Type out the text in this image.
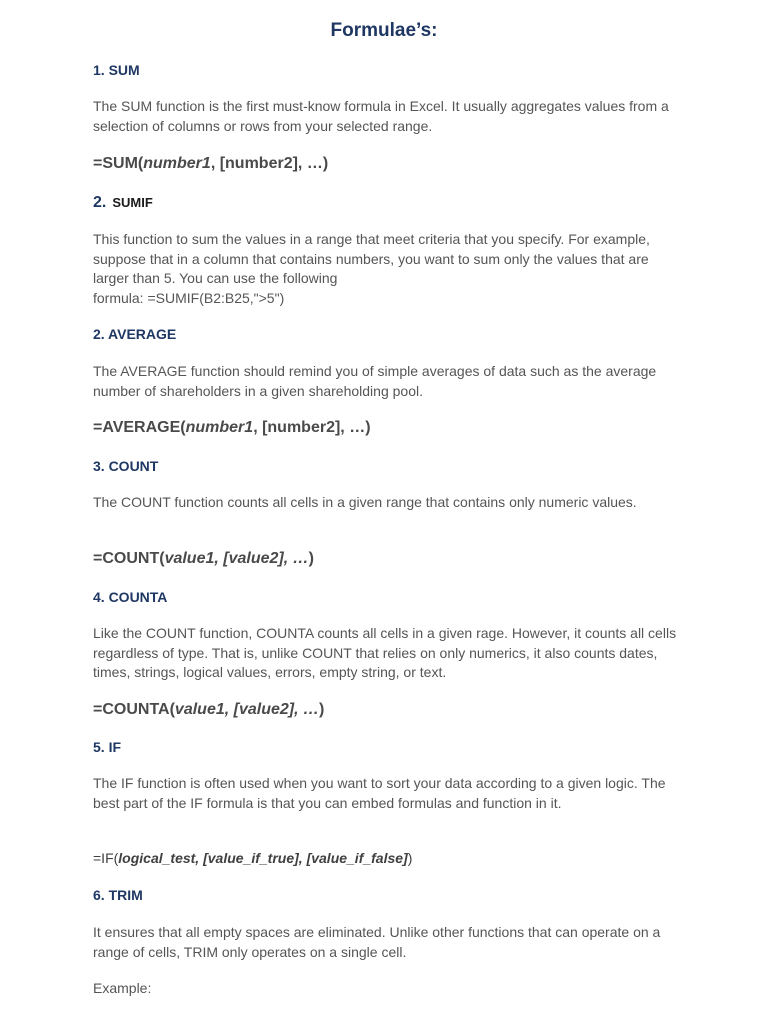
Formulae’s:
1. SUM

The SUM function is the first must-know formula in Excel. It usually aggregates values from a selection of columns or rows from your selected range.

=SUM(number1, [number2], …)
2. SUMIF

This function to sum the values in a range that meet criteria that you specify. For example, suppose that in a column that contains numbers, you want to sum only the values that are larger than 5. You can use the following

formula: =SUMIF(B2:B25,">5")

2. AVERAGE

The AVERAGE function should remind you of simple averages of data such as the average number of shareholders in a given shareholding pool.

=AVERAGE(number1, [number2], …)
3. COUNT

The COUNT function counts all cells in a given range that contains only numeric values.

=COUNT(value1, [value2], …)
4. COUNTA

Like the COUNT function, COUNTA counts all cells in a given rage. However, it counts all cells regardless of type. That is, unlike COUNT that relies on only numerics, it also counts dates, times, strings, logical values, errors, empty string, or text.

=COUNTA(value1, [value2], …)
5. IF

The IF function is often used when you want to sort your data according to a given logic. The best part of the IF formula is that you can embed formulas and function in it.

=IF(logical_test, [value_if_true], [value_if_false])
6. TRIM

It ensures that all empty spaces are eliminated. Unlike other functions that can operate on a range of cells, TRIM only operates on a single cell.

Example:
